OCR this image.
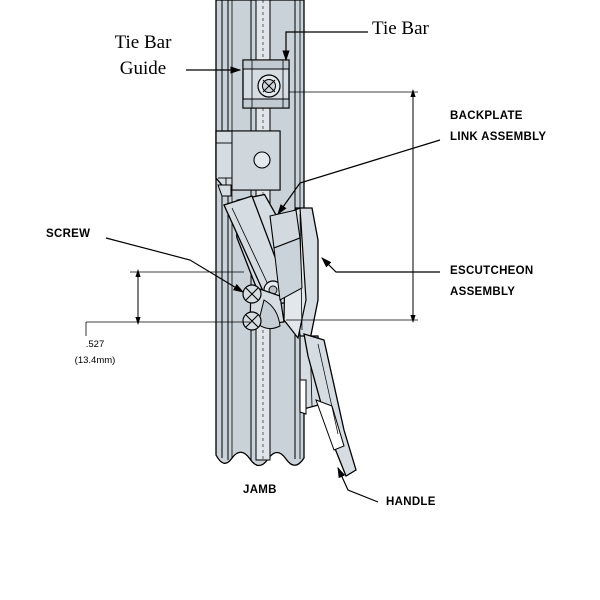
Tie Bar
Tie Bar
Guide
BACKPLATE
LINK ASSEMBLY
ESCUTCHEON
ASSEMBLY
SCREW
JAMB
HANDLE
.527
(13.4mm)
